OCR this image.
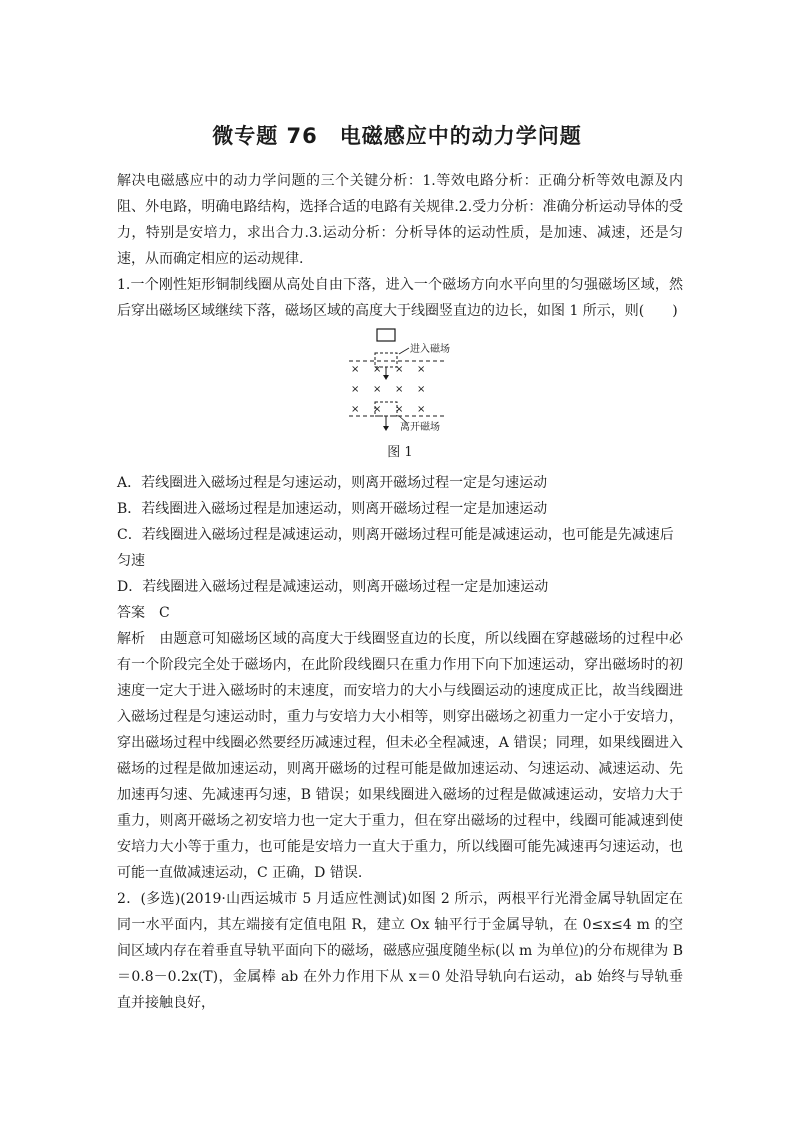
微专题 76　电磁感应中的动力学问题

解决电磁感应中的动力学问题的三个关键分析：1.等效电路分析：正确分析等效电源及内阻、外电路，明确电路结构，选择合适的电路有关规律.2.受力分析：准确分析运动导体的受力，特别是安培力，求出合力.3.运动分析：分析导体的运动性质，是加速、减速，还是匀速，从而确定相应的运动规律.

1.一个刚性矩形铜制线圈从高处自由下落，进入一个磁场方向水平向里的匀强磁场区域，然后穿出磁场区域继续下落，磁场区域的高度大于线圈竖直边的边长，如图 1 所示，则(　　)

× × × ×
× × × ×
× × × ×
进入磁场
离开磁场
图 1

A．若线圈进入磁场过程是匀速运动，则离开磁场过程一定是匀速运动

B．若线圈进入磁场过程是加速运动，则离开磁场过程一定是加速运动

C．若线圈进入磁场过程是减速运动，则离开磁场过程可能是减速运动，也可能是先减速后匀速

D．若线圈进入磁场过程是减速运动，则离开磁场过程一定是加速运动

答案 C

解析 由题意可知磁场区域的高度大于线圈竖直边的长度，所以线圈在穿越磁场的过程中必有一个阶段完全处于磁场内，在此阶段线圈只在重力作用下向下加速运动，穿出磁场时的初速度一定大于进入磁场时的末速度，而安培力的大小与线圈运动的速度成正比，故当线圈进入磁场过程是匀速运动时，重力与安培力大小相等，则穿出磁场之初重力一定小于安培力，穿出磁场过程中线圈必然要经历减速过程，但未必全程减速，A 错误；同理，如果线圈进入磁场的过程是做加速运动，则离开磁场的过程可能是做加速运动、匀速运动、减速运动、先加速再匀速、先减速再匀速，B 错误；如果线圈进入磁场的过程是做减速运动，安培力大于重力，则离开磁场之初安培力也一定大于重力，但在穿出磁场的过程中，线圈可能减速到使安培力大小等于重力，也可能是安培力一直大于重力，所以线圈可能先减速再匀速运动，也可能一直做减速运动，C 正确，D 错误.

2．(多选)(2019·山西运城市 5 月适应性测试)如图 2 所示，两根平行光滑金属导轨固定在同一水平面内，其左端接有定值电阻 R，建立 Ox 轴平行于金属导轨，在 0≤x≤4 m 的空间区域内存在着垂直导轨平面向下的磁场，磁感应强度随坐标(以 m 为单位)的分布规律为 B＝0.8－0.2x(T)，金属棒 ab 在外力作用下从 x＝0 处沿导轨向右运动，ab 始终与导轨垂直并接触良好，
